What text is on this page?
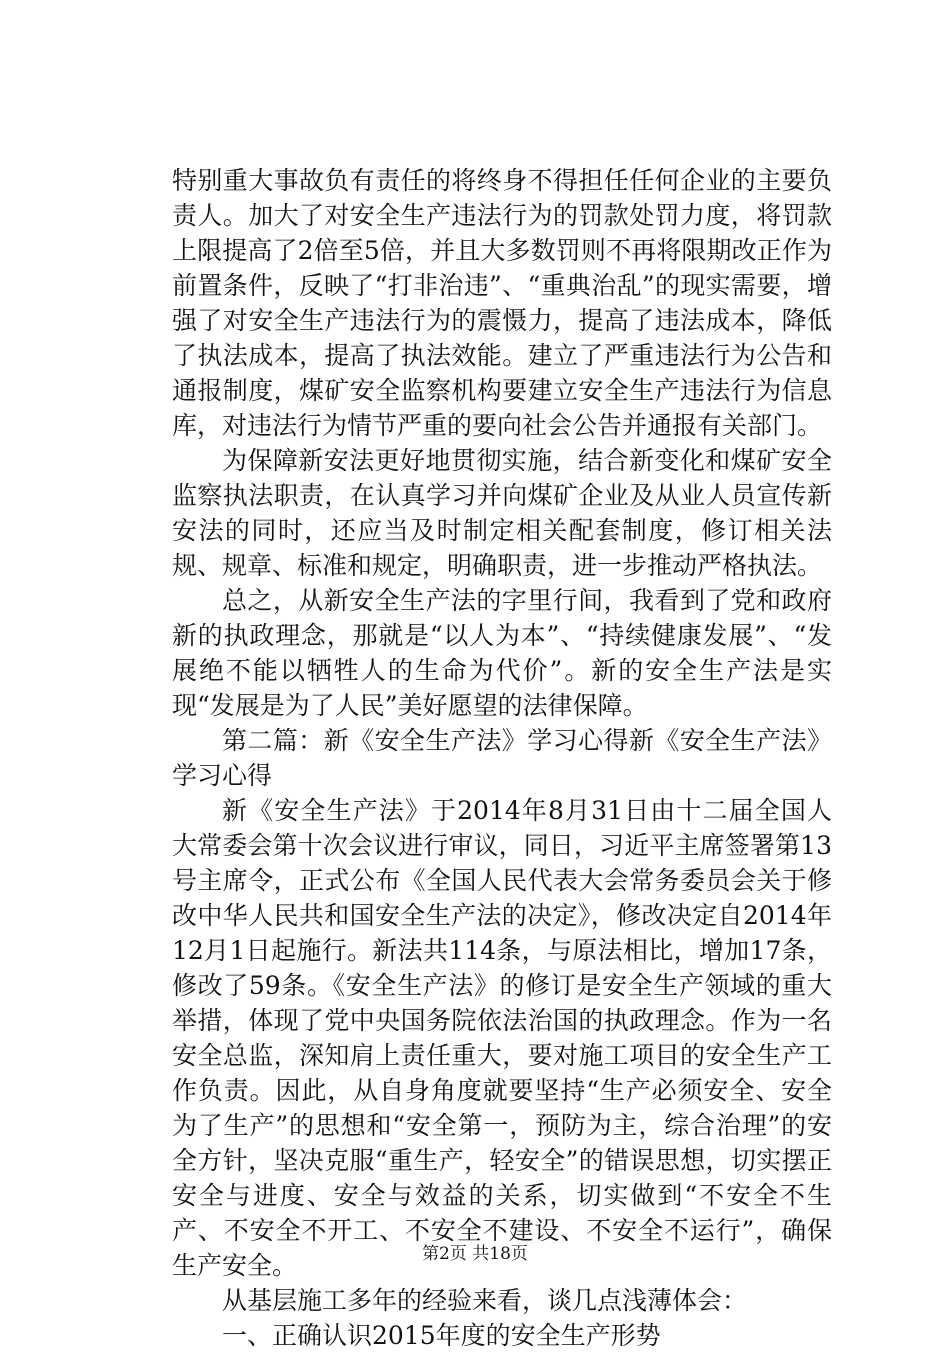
特别重大事故负有责任的将终身不得担任任何企业的主要负责人。加大了对安全生产违法行为的罚款处罚力度，将罚款上限提高了2倍至5倍，并且大多数罚则不再将限期改正作为前置条件，反映了“打非治违”、“重典治乱”的现实需要，增强了对安全生产违法行为的震慑力，提高了违法成本，降低了执法成本，提高了执法效能。建立了严重违法行为公告和通报制度，煤矿安全监察机构要建立安全生产违法行为信息库，对违法行为情节严重的要向社会公告并通报有关部门。

为保障新安法更好地贯彻实施，结合新变化和煤矿安全监察执法职责，在认真学习并向煤矿企业及从业人员宣传新安法的同时，还应当及时制定相关配套制度，修订相关法规、规章、标准和规定，明确职责，进一步推动严格执法。

总之，从新安全生产法的字里行间，我看到了党和政府新的执政理念，那就是“以人为本”、“持续健康发展”、“发展绝不能以牺牲人的生命为代价”。新的安全生产法是实现“发展是为了人民”美好愿望的法律保障。

第二篇：新《安全生产法》学习心得新《安全生产法》学习心得

新《安全生产法》于2014年8月31日由十二届全国人大常委会第十次会议进行审议，同日，习近平主席签署第13号主席令，正式公布《全国人民代表大会常务委员会关于修改中华人民共和国安全生产法的决定》，修改决定自2014年12月1日起施行。新法共114条，与原法相比，增加17条，修改了59条。《安全生产法》的修订是安全生产领域的重大举措，体现了党中央国务院依法治国的执政理念。作为一名安全总监，深知肩上责任重大，要对施工项目的安全生产工作负责。因此，从自身角度就要坚持“生产必须安全、安全为了生产”的思想和“安全第一，预防为主，综合治理”的安全方针，坚决克服“重生产，轻安全”的错误思想，切实摆正安全与进度、安全与效益的关系，切实做到“不安全不生产、不安全不开工、不安全不建设、不安全不运行”，确保生产安全。

从基层施工多年的经验来看，谈几点浅薄体会：

一、正确认识2015年度的安全生产形势

第2页 共18页
